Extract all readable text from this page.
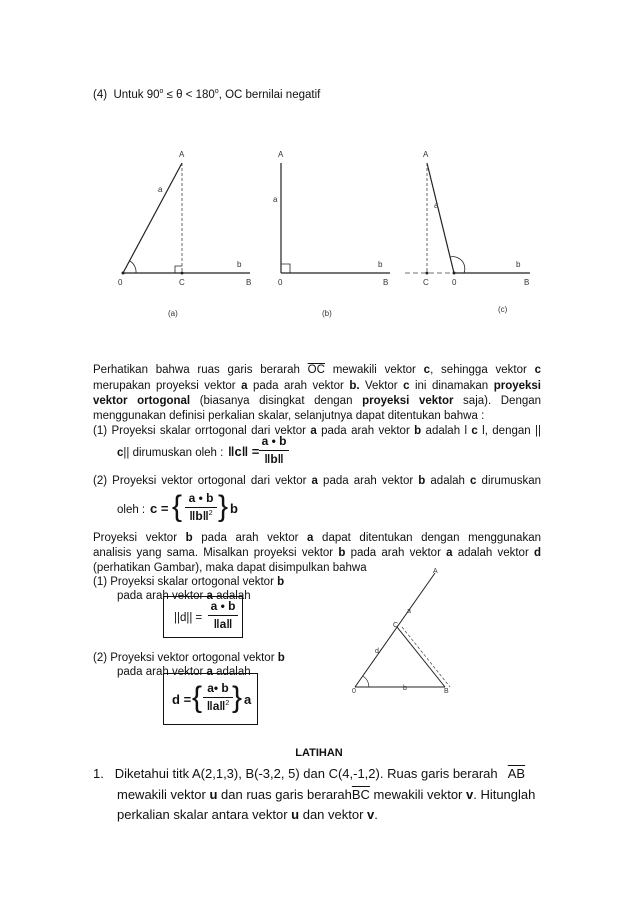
(4) Untuk $90^o \le \theta < 180^o$, OC bernilai negatif
A
a
b
0	C	B
(a)
A
a
b
0	B
(b)
A
a
b
C	0	B
(c)
Perhatikan bahwa ruas garis berarah $\overline{OC}$ mewakili vektor c, sehingga vektor c
merupakan proyeksi vektor a pada arah vektor b. Vektor c ini dinamakan proyeksi
vektor ortogonal (biasanya disingkat dengan proyeksi vektor saja). Dengan
menggunakan definisi perkalian skalar, selanjutnya dapat ditentukan bahwa :
(1) Proyeksi skalar orrtogonal dari vektor a pada arah vektor b adalah l c l, dengan ||
c|| dirumuskan oleh : ‖c‖ =
a • b
‖b‖
(2) Proyeksi vektor ortogonal dari vektor a pada arah vektor b adalah c dirumuskan
oleh : c = { a • b
‖b‖$^2$ } b
Proyeksi vektor b pada arah vektor a dapat ditentukan dengan menggunakan
analisis yang sama. Misalkan proyeksi vektor b pada arah vektor a adalah vektor d
(perhatikan Gambar), maka dapat disimpulkan bahwa
(1) Proyeksi skalar ortogonal vektor b
pada arah vektor a adalah
||d|| =
a • b
‖a‖
(2) Proyeksi vektor ortogonal vektor b
pada arah vektor a adalah
d = { a• b
‖a‖$^2$ } a
d
a
b
0
C
B
A
LATIHAN
1. Diketahui titk A(2,1,3), B(-3,2, 5) dan C(4,-1,2). Ruas garis berarah $\overline{AB}$
mewakili vektor u dan ruas garis $berarah\overline{BC}$ mewakili vektor v. Hitunglah
perkalian skalar antara vektor u dan vektor v.
